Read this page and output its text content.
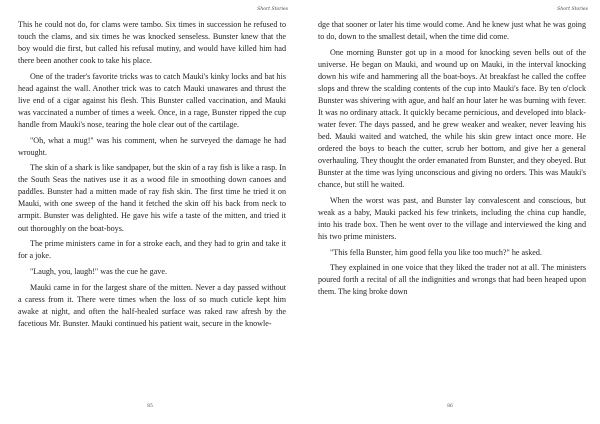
Short Stories

This he could not do, for clams were tambo. Six times in succession he refused to touch the clams, and six times he was knocked senseless. Bunster knew that the boy would die first, but called his refusal mutiny, and would have killed him had there been another cook to take his place.

One of the trader's favorite tricks was to catch Mauki's kinky locks and bat his head against the wall. Another trick was to catch Mauki unawares and thrust the live end of a cigar against his flesh. This Bunster called vaccination, and Mauki was vaccinated a number of times a week. Once, in a rage, Bunster ripped the cup handle from Mauki's nose, tearing the hole clear out of the cartilage.

"Oh, what a mug!" was his comment, when he surveyed the damage he had wrought.

The skin of a shark is like sandpaper, but the skin of a ray fish is like a rasp. In the South Seas the natives use it as a wood file in smoothing down canoes and paddles. Bunster had a mitten made of ray fish skin. The first time he tried it on Mauki, with one sweep of the hand it fetched the skin off his back from neck to armpit. Bunster was delighted. He gave his wife a taste of the mitten, and tried it out thoroughly on the boat-boys.

The prime ministers came in for a stroke each, and they had to grin and take it for a joke.

"Laugh, you, laugh!" was the cue he gave.

Mauki came in for the largest share of the mitten. Never a day passed without a caress from it. There were times when the loss of so much cuticle kept him awake at night, and often the half-healed surface was raked raw afresh by the facetious Mr. Bunster. Mauki continued his patient wait, secure in the knowle-

85
Short Stories

dge that sooner or later his time would come. And he knew just what he was going to do, down to the smallest detail, when the time did come.

One morning Bunster got up in a mood for knocking seven bells out of the universe. He began on Mauki, and wound up on Mauki, in the interval knocking down his wife and hammering all the boat-boys. At breakfast he called the coffee slops and threw the scalding contents of the cup into Mauki's face. By ten o'clock Bunster was shivering with ague, and half an hour later he was burning with fever. It was no ordinary attack. It quickly became pernicious, and developed into black-water fever. The days passed, and he grew weaker and weaker, never leaving his bed. Mauki waited and watched, the while his skin grew intact once more. He ordered the boys to beach the cutter, scrub her bottom, and give her a general overhauling. They thought the order emanated from Bunster, and they obeyed. But Bunster at the time was lying unconscious and giving no orders. This was Mauki's chance, but still he waited.

When the worst was past, and Bunster lay convalescent and conscious, but weak as a baby, Mauki packed his few trinkets, including the china cup handle, into his trade box. Then he went over to the village and interviewed the king and his two prime ministers.

"This fella Bunster, him good fella you like too much?" he asked.

They explained in one voice that they liked the trader not at all. The ministers poured forth a recital of all the indignities and wrongs that had been heaped upon them. The king broke down

86
